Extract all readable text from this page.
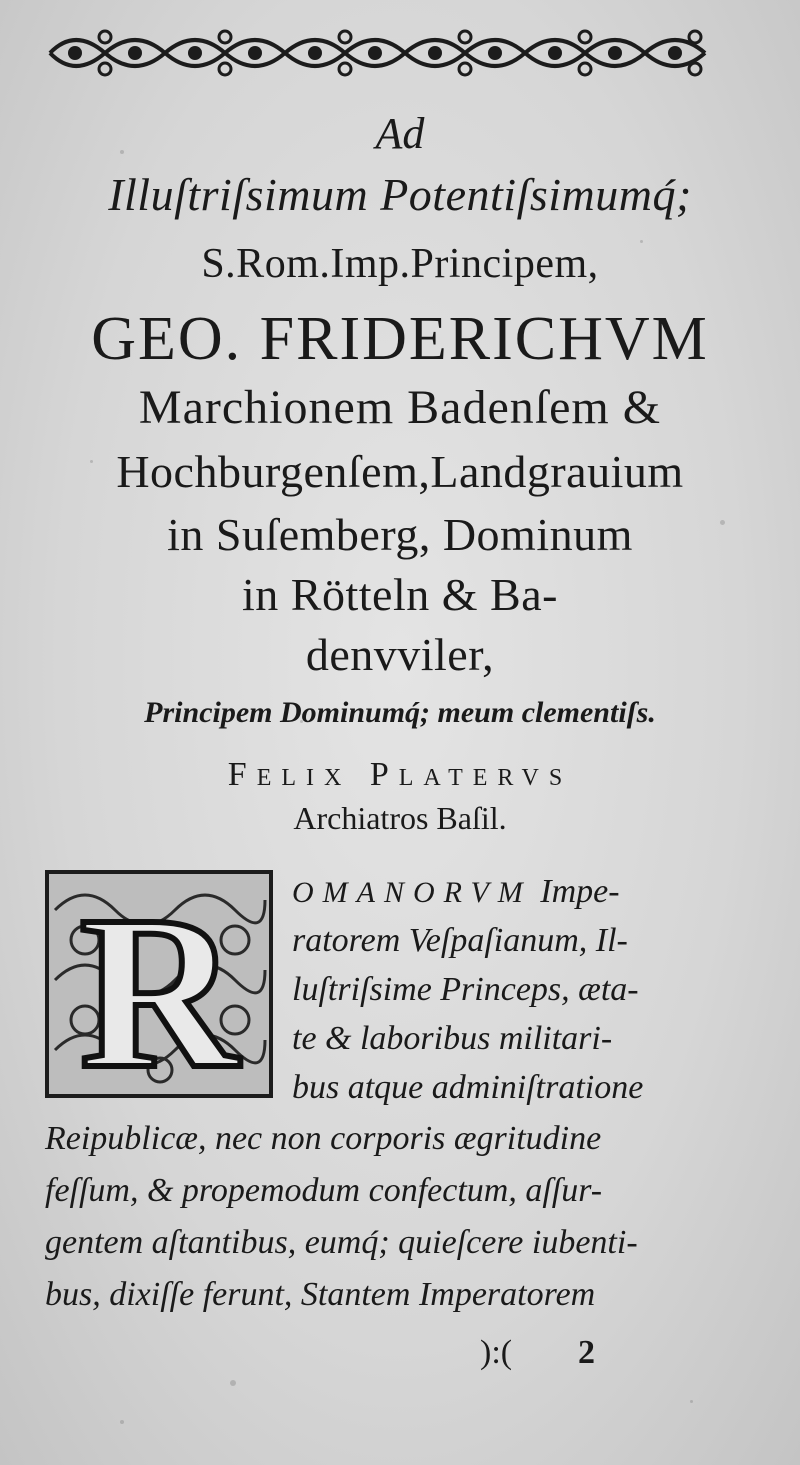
Ad
Illuſtriſsimum Potentiſsimumq́;
S.Rom.Imp.Principem,
GEO. FRIDERICHVM
Marchionem Badenſem &
Hochburgenſem,Landgrauium
in Suſemberg, Dominum
in Rötteln & Ba-
denvviler,
Principem Dominumq́; meum clementiſs.
Felix Platervs
Archiatros Baſil.
R OMANORVM Impe-
ratorem Veſpaſianum, Il-
luſtriſsime Princeps, æta-
te & laboribus militari-
bus atque adminiſtratione
Reipublicæ, nec non corporis ægritudine
feſſum, & propemodum confectum, aſſur-
gentem aſtantibus, eumq́; quieſcere iubenti-
bus, dixiſſe ferunt, Stantem Imperatorem
):( 2
